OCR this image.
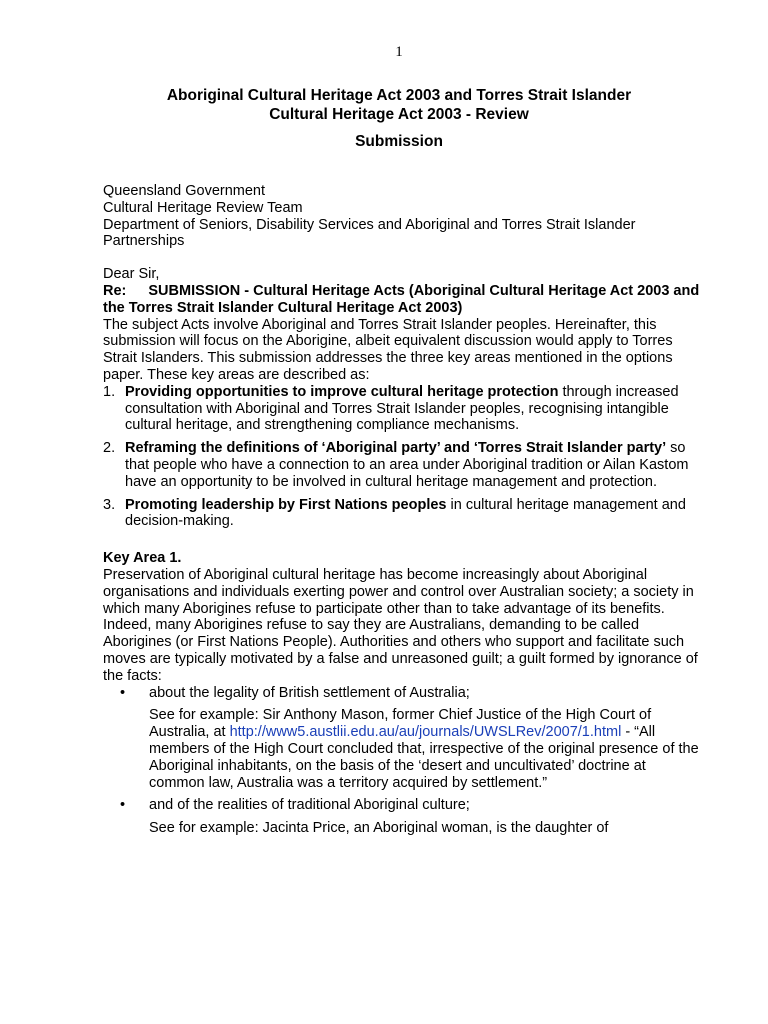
1
Aboriginal Cultural Heritage Act 2003 and Torres Strait Islander
Cultural Heritage Act 2003 - Review
Submission

Queensland Government

Cultural Heritage Review Team

Department of Seniors, Disability Services and Aboriginal and Torres Strait Islander Partnerships

Dear Sir,

Re: SUBMISSION - Cultural Heritage Acts (Aboriginal Cultural Heritage Act 2003 and the Torres Strait Islander Cultural Heritage Act 2003)

The subject Acts involve Aboriginal and Torres Strait Islander peoples. Hereinafter, this submission will focus on the Aborigine, albeit equivalent discussion would apply to Torres Strait Islanders. This submission addresses the three key areas mentioned in the options paper. These key areas are described as:

1. Providing opportunities to improve cultural heritage protection through increased consultation with Aboriginal and Torres Strait Islander peoples, recognising intangible cultural heritage, and strengthening compliance mechanisms.
2. Reframing the definitions of ‘Aboriginal party’ and ‘Torres Strait Islander party’ so that people who have a connection to an area under Aboriginal tradition or Ailan Kastom have an opportunity to be involved in cultural heritage management and protection.
3. Promoting leadership by First Nations peoples in cultural heritage management and decision-making.

Key Area 1.

Preservation of Aboriginal cultural heritage has become increasingly about Aboriginal organisations and individuals exerting power and control over Australian society; a society in which many Aborigines refuse to participate other than to take advantage of its benefits. Indeed, many Aborigines refuse to say they are Australians, demanding to be called Aborigines (or First Nations People). Authorities and others who support and facilitate such moves are typically motivated by a false and unreasoned guilt; a guilt formed by ignorance of the facts:

• about the legality of British settlement of Australia;
See for example: Sir Anthony Mason, former Chief Justice of the High Court of Australia, at http://www5.austlii.edu.au/au/journals/UWSLRev/2007/1.html - “All members of the High Court concluded that, irrespective of the original presence of the Aboriginal inhabitants, on the basis of the ‘desert and uncultivated’ doctrine at common law, Australia was a territory acquired by settlement.”
• and of the realities of traditional Aboriginal culture;
See for example: Jacinta Price, an Aboriginal woman, is the daughter of
